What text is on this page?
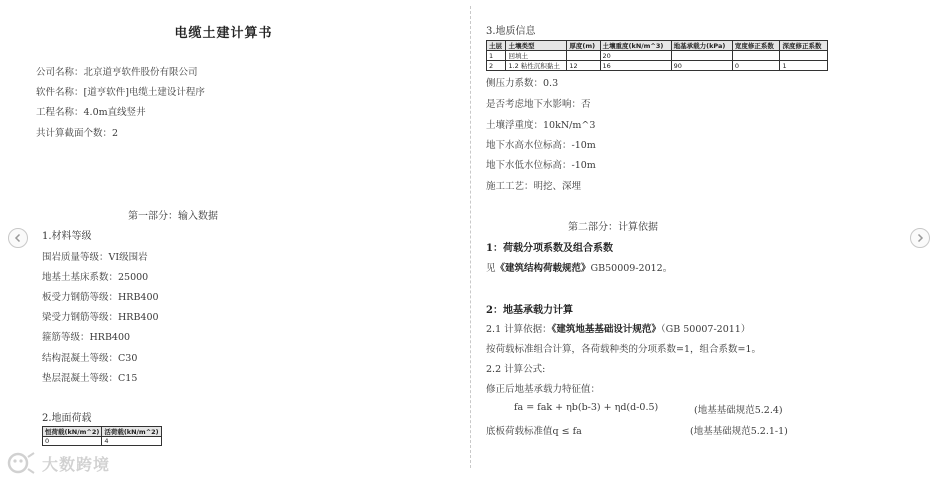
电缆土建计算书
公司名称：北京道亨软件股份有限公司
软件名称：[道亨软件]电缆土建设计程序
工程名称：4.0m直线竖井
共计算截面个数：2
第一部分：输入数据
1.材料等级
围岩质量等级：VI级围岩
地基土基床系数：25000
板受力钢筋等级：HRB400
梁受力钢筋等级：HRB400
箍筋等级：HRB400
结构混凝土等级：C30
垫层混凝土等级：C15
2.地面荷载
恒荷载(kN/m^2)	活荷载(kN/m^2)
0	4
3.地质信息
土层	土壤类型	厚度(m)	土壤重度(kN/m^3)	地基承载力(kPa)	宽度修正系数	深度修正系数
1	回填土		20			
2	1.2 粘性沉积黏土	12	16	90	0	1
侧压力系数：0.3
是否考虑地下水影响：否
土壤浮重度：10kN/m^3
地下水高水位标高：-10m
地下水低水位标高：-10m
施工工艺：明挖、深埋
第二部分：计算依据
1：荷载分项系数及组合系数
见《建筑结构荷载规范》GB50009-2012。
2：地基承载力计算
2.1 计算依据：《建筑地基基础设计规范》（GB 50007-2011）
按荷载标准组合计算，各荷载种类的分项系数=1，组合系数=1。
2.2 计算公式:
修正后地基承载力特征值：
fa = fak + ηb(b-3) + ηd(d-0.5)	(地基基础规范5.2.4)
底板荷载标准值q ≤ fa	(地基基础规范5.2.1-1)
大数跨境
